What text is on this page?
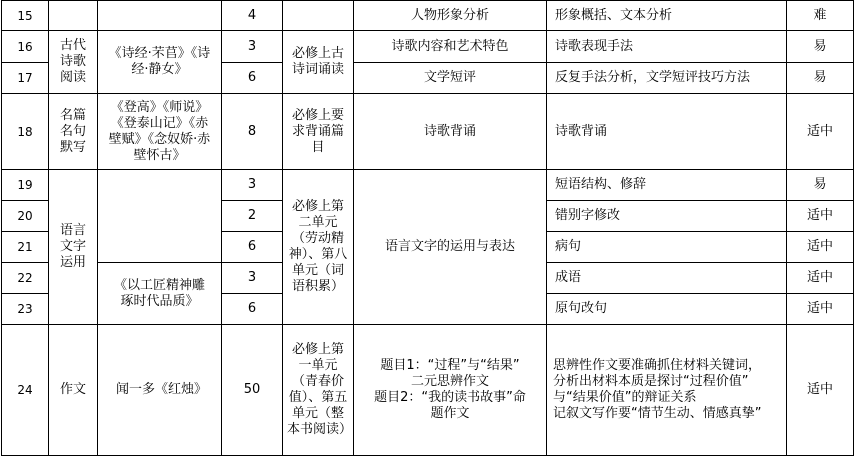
15			4		人物形象分析	形象概括、文本分析	难
16	古代诗歌阅读	《诗经·芣苢》《诗经·静女》	3	必修上古诗词诵读	诗歌内容和艺术特色	诗歌表现手法	易
17			6		文学短评	反复手法分析，文学短评技巧方法	易
18	名篇名句默写	《登高》《师说》《登泰山记》《赤壁赋》《念奴娇·赤壁怀古》	8	必修上要求背诵篇目	诗歌背诵	诗歌背诵	适中
19	语言文字运用		3	必修上第二单元（劳动精神）、第八单元（词语积累）	语言文字的运用与表达	短语结构、修辞	易
20			2			错别字修改	适中
21			6			病句	适中
22		《以工匠精神雕琢时代品质》	3			成语	适中
23			6			原句改句	适中
24	作文	闻一多《红烛》	50	必修上第一单元（青春价值）、第五单元（整本书阅读）	题目1：“过程”与“结果”
二元思辨作文
题目2：“我的读书故事”命
题作文	思辨性作文要准确抓住材料关键词，
分析出材料本质是探讨“过程价值”
与“结果价值”的辩证关系
记叙文写作要“情节生动、情感真挚”	适中
